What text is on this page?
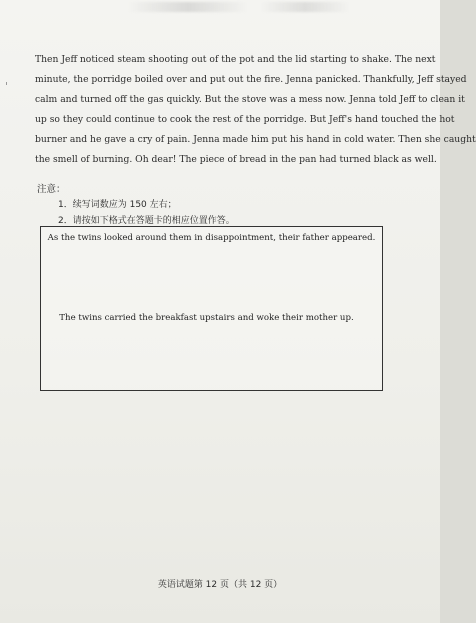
Then Jeff noticed steam shooting out of the pot and the lid starting to shake. The next
minute, the porridge boiled over and put out the fire. Jenna panicked. Thankfully, Jeff stayed
calm and turned off the gas quickly. But the stove was a mess now. Jenna told Jeff to clean it
up so they could continue to cook the rest of the porridge. But Jeff's hand touched the hot
burner and he gave a cry of pain. Jenna made him put his hand in cold water. Then she caught
the smell of burning. Oh dear! The piece of bread in the pan had turned black as well.
注意：
1．续写词数应为 150 左右；
2．请按如下格式在答题卡的相应位置作答。
As the twins looked around them in disappointment, their father appeared.
The twins carried the breakfast upstairs and woke their mother up.
英语试题第 12 页（共 12 页）
